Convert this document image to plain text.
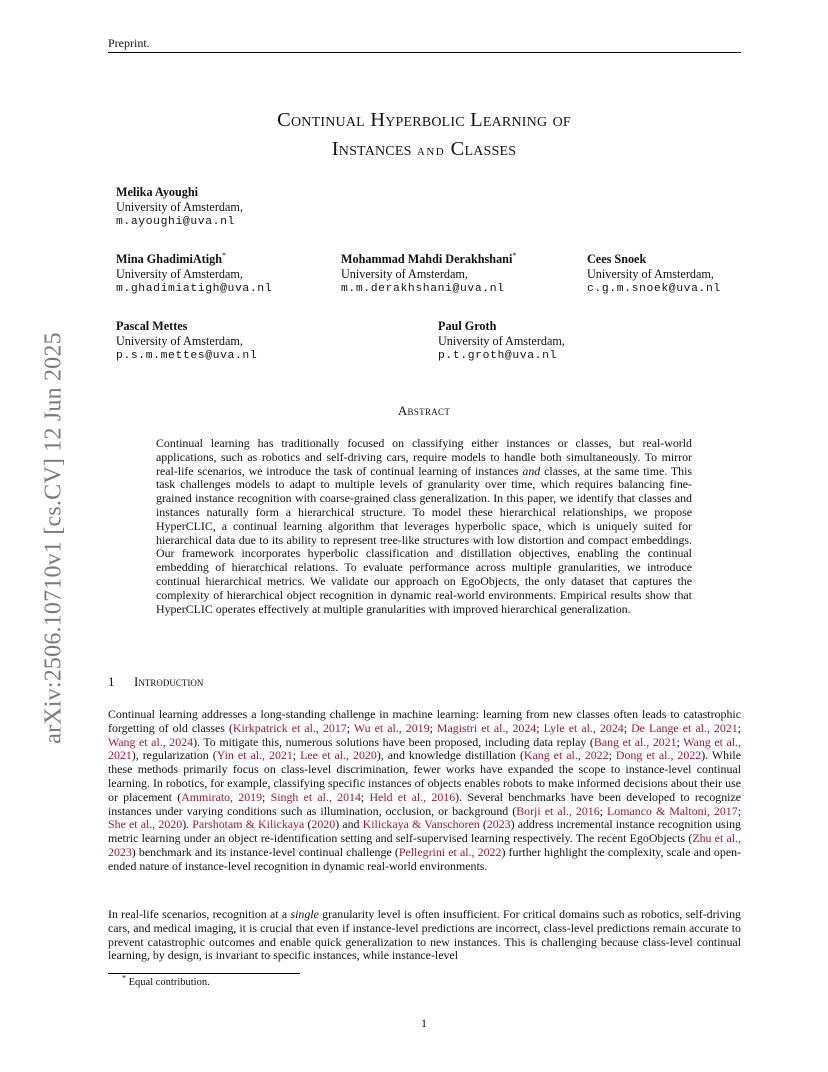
Preprint.
arXiv:2506.10710v1 [cs.CV] 12 Jun 2025
Continual Hyperbolic Learning of
Instances and Classes
Melika Ayoughi
University of Amsterdam,
m.ayoughi@uva.nl
Mina GhadimiAtigh*
University of Amsterdam,
m.ghadimiatigh@uva.nl
Mohammad Mahdi Derakhshani*
University of Amsterdam,
m.m.derakhshani@uva.nl
Cees Snoek
University of Amsterdam,
c.g.m.snoek@uva.nl
Pascal Mettes
University of Amsterdam,
p.s.m.mettes@uva.nl
Paul Groth
University of Amsterdam,
p.t.groth@uva.nl
Abstract
Continual learning has traditionally focused on classifying either instances or classes, but real-world applications, such as robotics and self-driving cars, require models to handle both simultaneously. To mirror real-life scenarios, we introduce the task of continual learning of instances and classes, at the same time. This task challenges models to adapt to multiple levels of granularity over time, which requires balancing fine-grained instance recognition with coarse-grained class generalization. In this paper, we identify that classes and instances naturally form a hierarchical structure. To model these hierarchical relationships, we propose HyperCLIC, a continual learning algorithm that leverages hyperbolic space, which is uniquely suited for hierarchical data due to its ability to represent tree-like structures with low distortion and compact embeddings. Our framework incorporates hyperbolic classification and distillation objectives, enabling the continual embedding of hierarchical relations. To evaluate performance across multiple granularities, we introduce continual hierarchical metrics. We validate our approach on EgoObjects, the only dataset that captures the complexity of hierarchical object recognition in dynamic real-world environments. Empirical results show that HyperCLIC operates effectively at multiple granularities with improved hierarchical generalization.
1 Introduction
Continual learning addresses a long-standing challenge in machine learning: learning from new classes often leads to catastrophic forgetting of old classes (Kirkpatrick et al., 2017; Wu et al., 2019; Magistri et al., 2024; Lyle et al., 2024; De Lange et al., 2021; Wang et al., 2024). To mitigate this, numerous solutions have been proposed, including data replay (Bang et al., 2021; Wang et al., 2021), regularization (Yin et al., 2021; Lee et al., 2020), and knowledge distillation (Kang et al., 2022; Dong et al., 2022). While these methods primarily focus on class-level discrimination, fewer works have expanded the scope to instance-level continual learning. In robotics, for example, classifying specific instances of objects enables robots to make informed decisions about their use or placement (Ammirato, 2019; Singh et al., 2014; Held et al., 2016). Several benchmarks have been developed to recognize instances under varying conditions such as illumination, occlusion, or background (Borji et al., 2016; Lomanco & Maltoni, 2017; She et al., 2020). Parshotam & Kilickaya (2020) and Kilickaya & Vanschoren (2023) address incremental instance recognition using metric learning under an object re-identification setting and self-supervised learning respectively. The recent EgoObjects (Zhu et al., 2023) benchmark and its instance-level continual challenge (Pellegrini et al., 2022) further highlight the complexity, scale and open-ended nature of instance-level recognition in dynamic real-world environments.
In real-life scenarios, recognition at a single granularity level is often insufficient. For critical domains such as robotics, self-driving cars, and medical imaging, it is crucial that even if instance-level predictions are incorrect, class-level predictions remain accurate to prevent catastrophic outcomes and enable quick generalization to new instances. This is challenging because class-level continual learning, by design, is invariant to specific instances, while instance-level
* Equal contribution.
1
